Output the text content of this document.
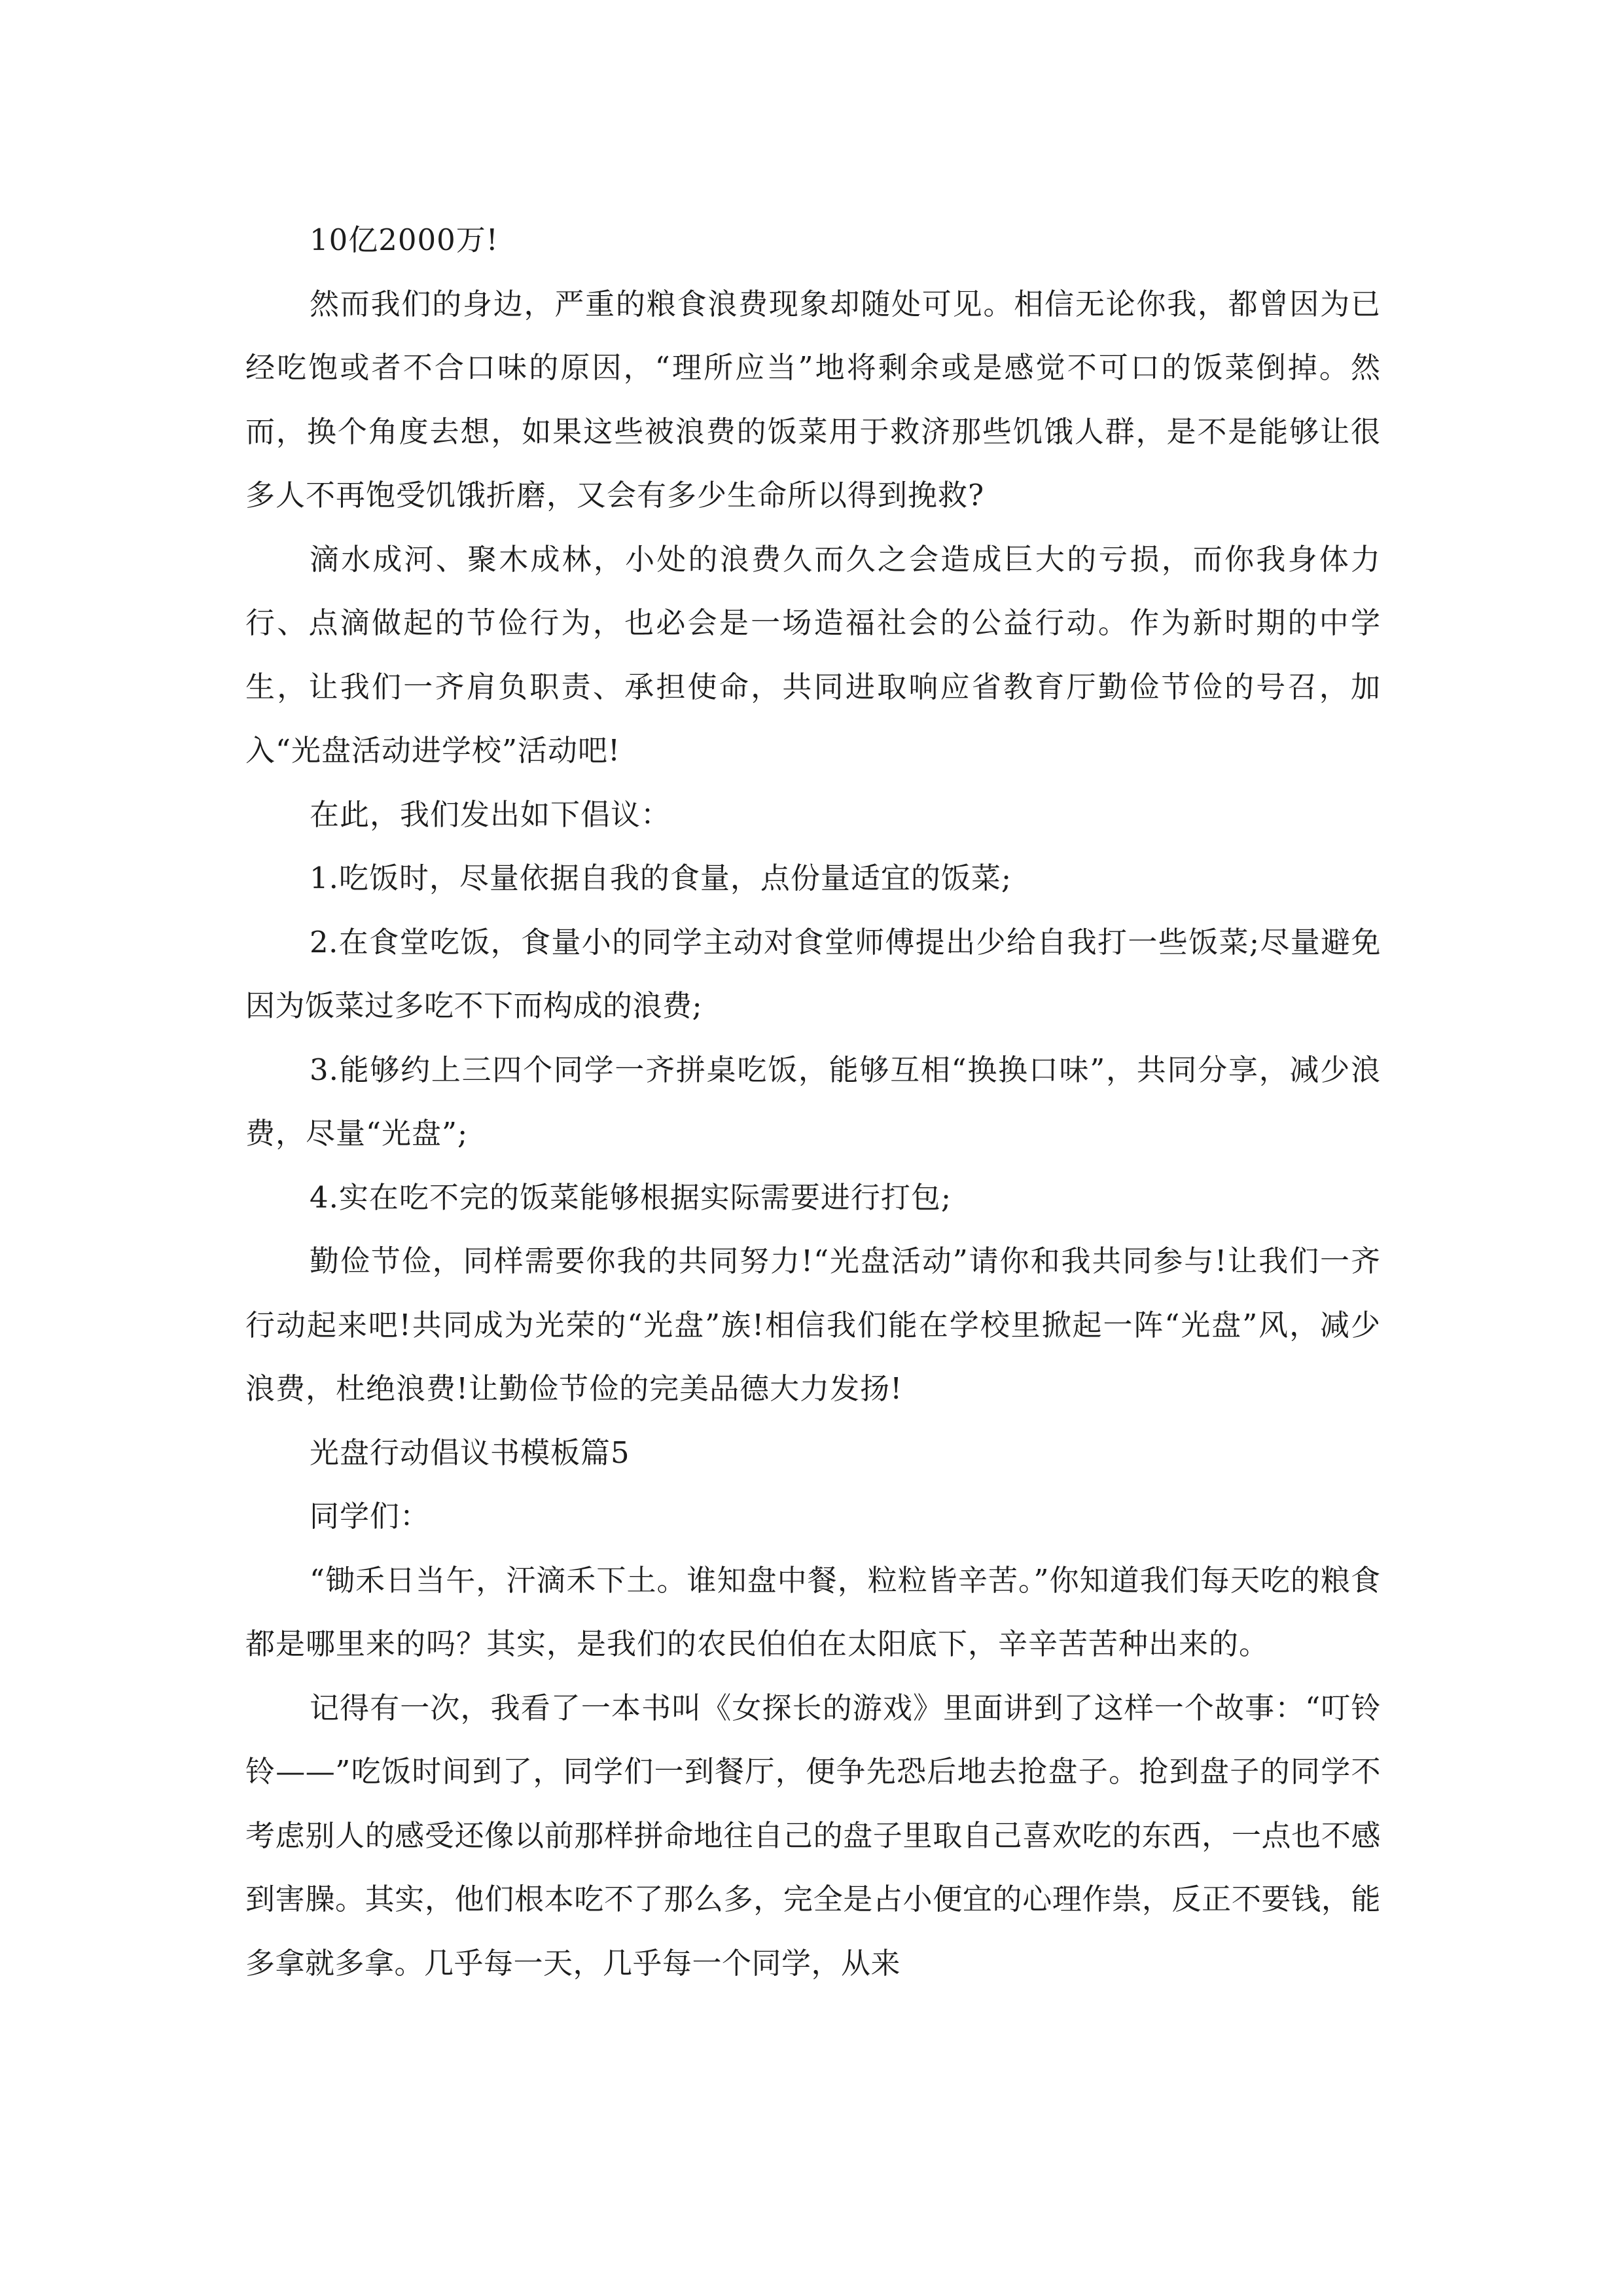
10亿2000万!

然而我们的身边，严重的粮食浪费现象却随处可见。相信无论你我，都曾因为已经吃饱或者不合口味的原因，“理所应当”地将剩余或是感觉不可口的饭菜倒掉。然而，换个角度去想，如果这些被浪费的饭菜用于救济那些饥饿人群，是不是能够让很多人不再饱受饥饿折磨，又会有多少生命所以得到挽救?

滴水成河、聚木成林，小处的浪费久而久之会造成巨大的亏损，而你我身体力行、点滴做起的节俭行为，也必会是一场造福社会的公益行动。作为新时期的中学生，让我们一齐肩负职责、承担使命，共同进取响应省教育厅勤俭节俭的号召，加入“光盘活动进学校”活动吧!

在此，我们发出如下倡议：

1.吃饭时，尽量依据自我的食量，点份量适宜的饭菜;

2.在食堂吃饭，食量小的同学主动对食堂师傅提出少给自我打一些饭菜;尽量避免因为饭菜过多吃不下而构成的浪费;

3.能够约上三四个同学一齐拼桌吃饭，能够互相“换换口味”，共同分享，减少浪费，尽量“光盘”;

4.实在吃不完的饭菜能够根据实际需要进行打包;

勤俭节俭，同样需要你我的共同努力!“光盘活动”请你和我共同参与!让我们一齐行动起来吧!共同成为光荣的“光盘”族!相信我们能在学校里掀起一阵“光盘”风，减少浪费，杜绝浪费!让勤俭节俭的完美品德大力发扬!

光盘行动倡议书模板篇5

同学们：

“锄禾日当午，汗滴禾下土。谁知盘中餐，粒粒皆辛苦。”你知道我们每天吃的粮食都是哪里来的吗？其实，是我们的农民伯伯在太阳底下，辛辛苦苦种出来的。

记得有一次，我看了一本书叫《女探长的游戏》里面讲到了这样一个故事：“叮铃铃——”吃饭时间到了，同学们一到餐厅，便争先恐后地去抢盘子。抢到盘子的同学不考虑别人的感受还像以前那样拼命地往自己的盘子里取自己喜欢吃的东西，一点也不感到害臊。其实，他们根本吃不了那么多，完全是占小便宜的心理作祟，反正不要钱，能多拿就多拿。几乎每一天，几乎每一个同学，从来
